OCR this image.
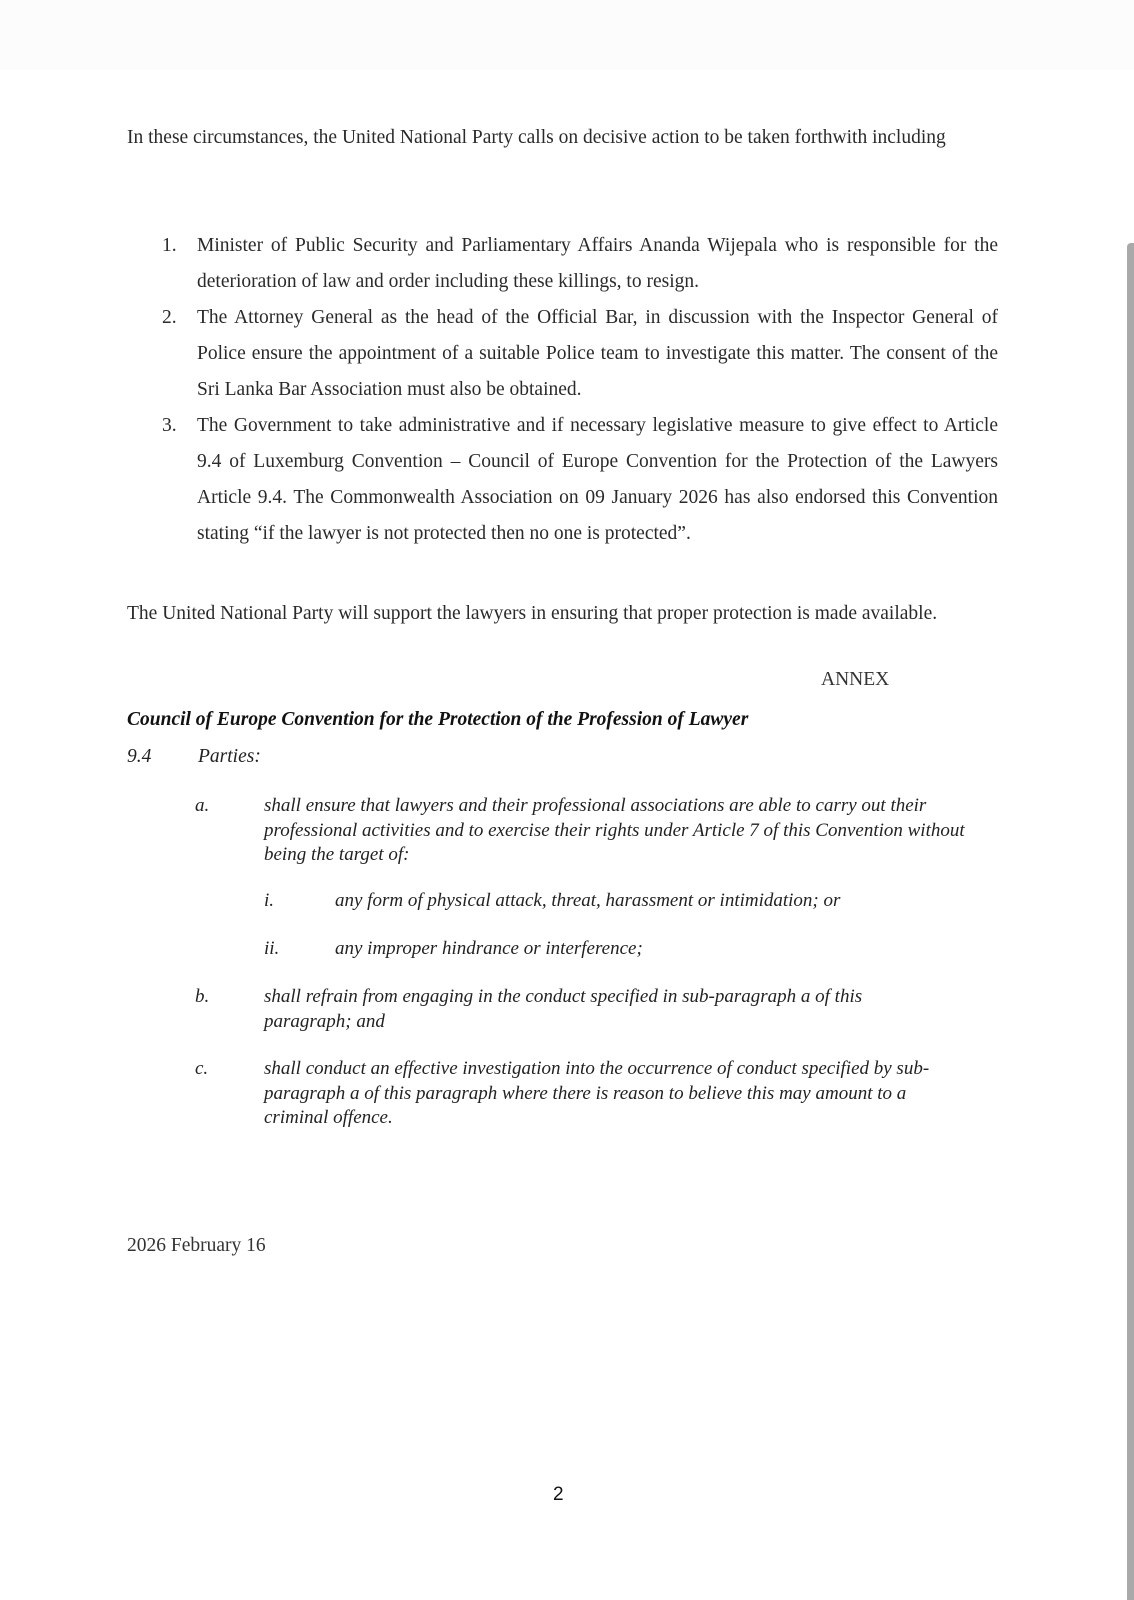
In these circumstances, the United National Party calls on decisive action to be taken forthwith including

1. Minister of Public Security and Parliamentary Affairs Ananda Wijepala who is responsible for the deterioration of law and order including these killings, to resign.
2. The Attorney General as the head of the Official Bar, in discussion with the Inspector General of Police ensure the appointment of a suitable Police team to investigate this matter. The consent of the Sri Lanka Bar Association must also be obtained.
3. The Government to take administrative and if necessary legislative measure to give effect to Article 9.4 of Luxemburg Convention – Council of Europe Convention for the Protection of the Lawyers Article 9.4. The Commonwealth Association on 09 January 2026 has also endorsed this Convention stating “if the lawyer is not protected then no one is protected”.

The United National Party will support the lawyers in ensuring that proper protection is made available.

ANNEX
Council of Europe Convention for the Protection of the Profession of Lawyer
9.4 Parties:
a.	shall ensure that lawyers and their professional associations are able to carry out their professional activities and to exercise their rights under Article 7 of this Convention without being the target of:
i.	any form of physical attack, threat, harassment or intimidation; or
ii.	any improper hindrance or interference;
b.	shall refrain from engaging in the conduct specified in sub-paragraph a of this paragraph; and
c.	shall conduct an effective investigation into the occurrence of conduct specified by sub-paragraph a of this paragraph where there is reason to believe this may amount to a criminal offence.
2026 February 16
2
